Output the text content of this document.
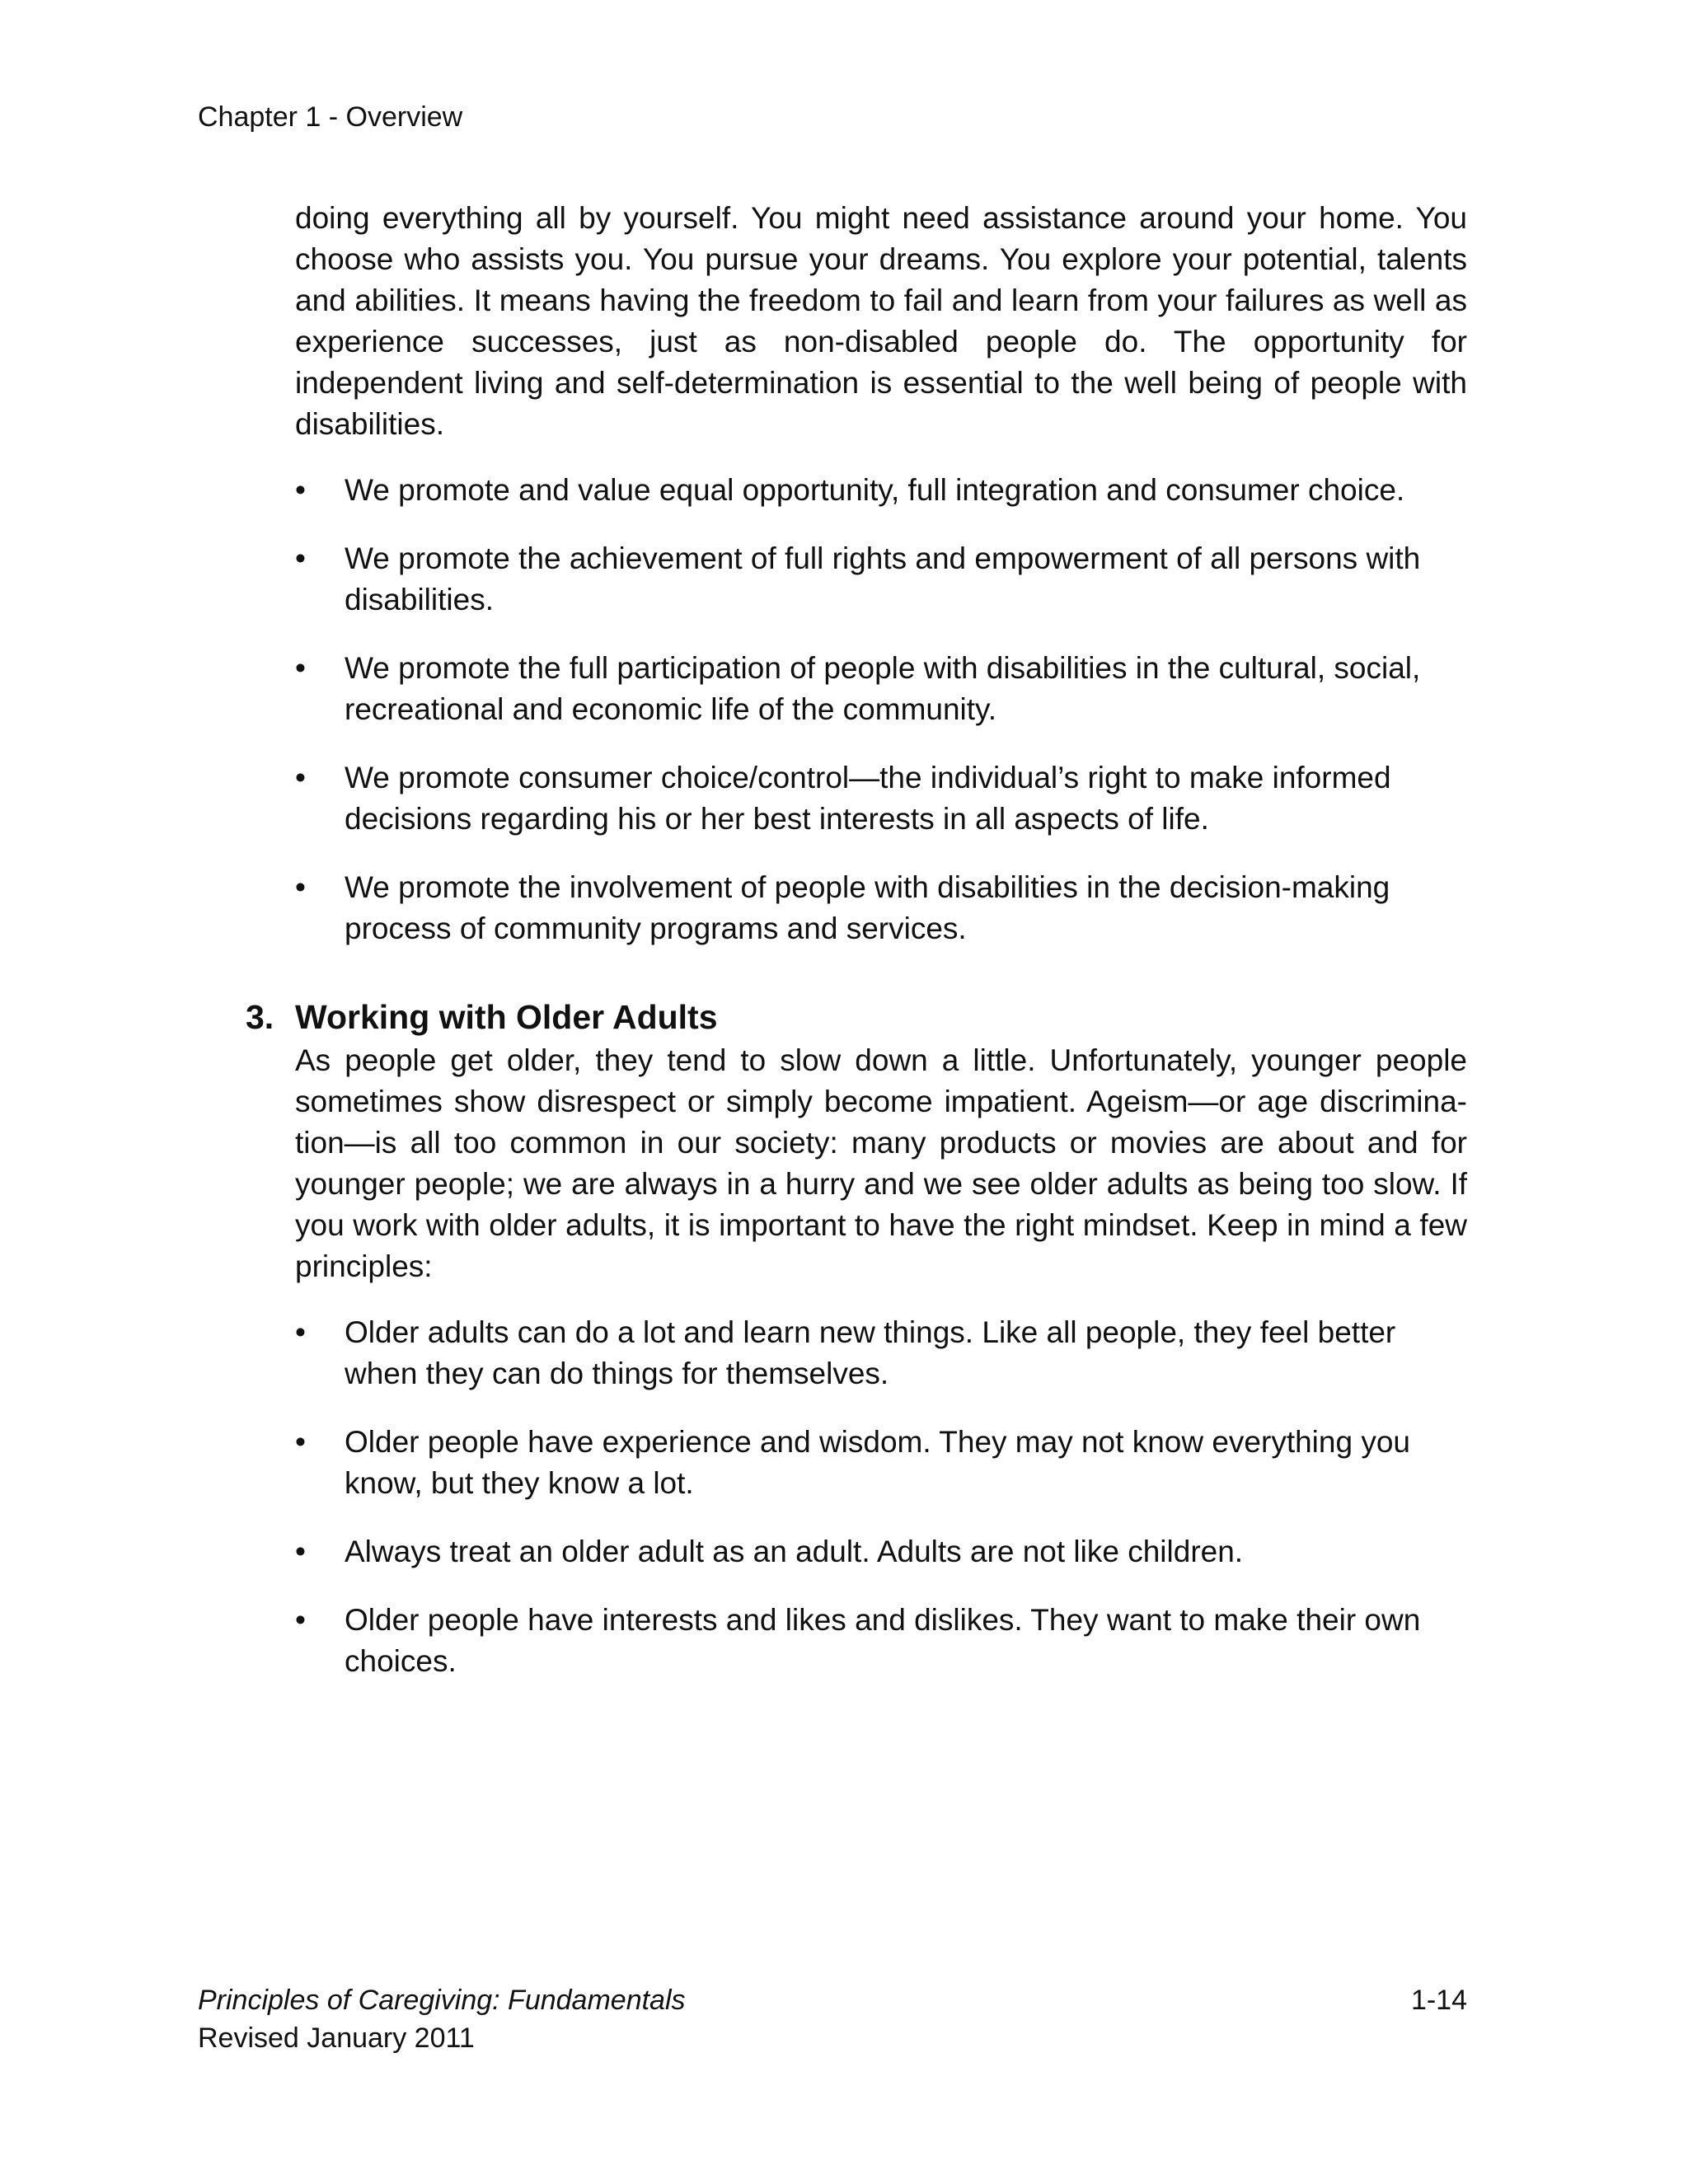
Chapter 1 - Overview

doing everything all by yourself. You might need assistance around your home. You choose who assists you. You pursue your dreams. You explore your potential, talents and abilities. It means having the freedom to fail and learn from your failures as well as experience successes, just as non-disabled people do. The opportunity for independent living and self-determination is essential to the well being of people with disabilities.

•	We promote and value equal opportunity, full integration and consumer choice.
•	We promote the achievement of full rights and empowerment of all persons with disabilities.
•	We promote the full participation of people with disabilities in the cultural, social, recreational and economic life of the community.
•	We promote consumer choice/control—the individual’s right to make informed decisions regarding his or her best interests in all aspects of life.
•	We promote the involvement of people with disabilities in the decision-making process of community programs and services.
3. Working with Older Adults

As people get older, they tend to slow down a little. Unfortunately, younger people sometimes show disrespect or simply become impatient. Ageism—or age discrimination—is all too common in our society: many products or movies are about and for younger people; we are always in a hurry and we see older adults as being too slow. If you work with older adults, it is important to have the right mindset. Keep in mind a few principles:

•	Older adults can do a lot and learn new things. Like all people, they feel better when they can do things for themselves.
•	Older people have experience and wisdom. They may not know everything you know, but they know a lot.
•	Always treat an older adult as an adult. Adults are not like children.
•	Older people have interests and likes and dislikes. They want to make their own choices.
Principles of Caregiving: Fundamentals	1-14
Revised January 2011
